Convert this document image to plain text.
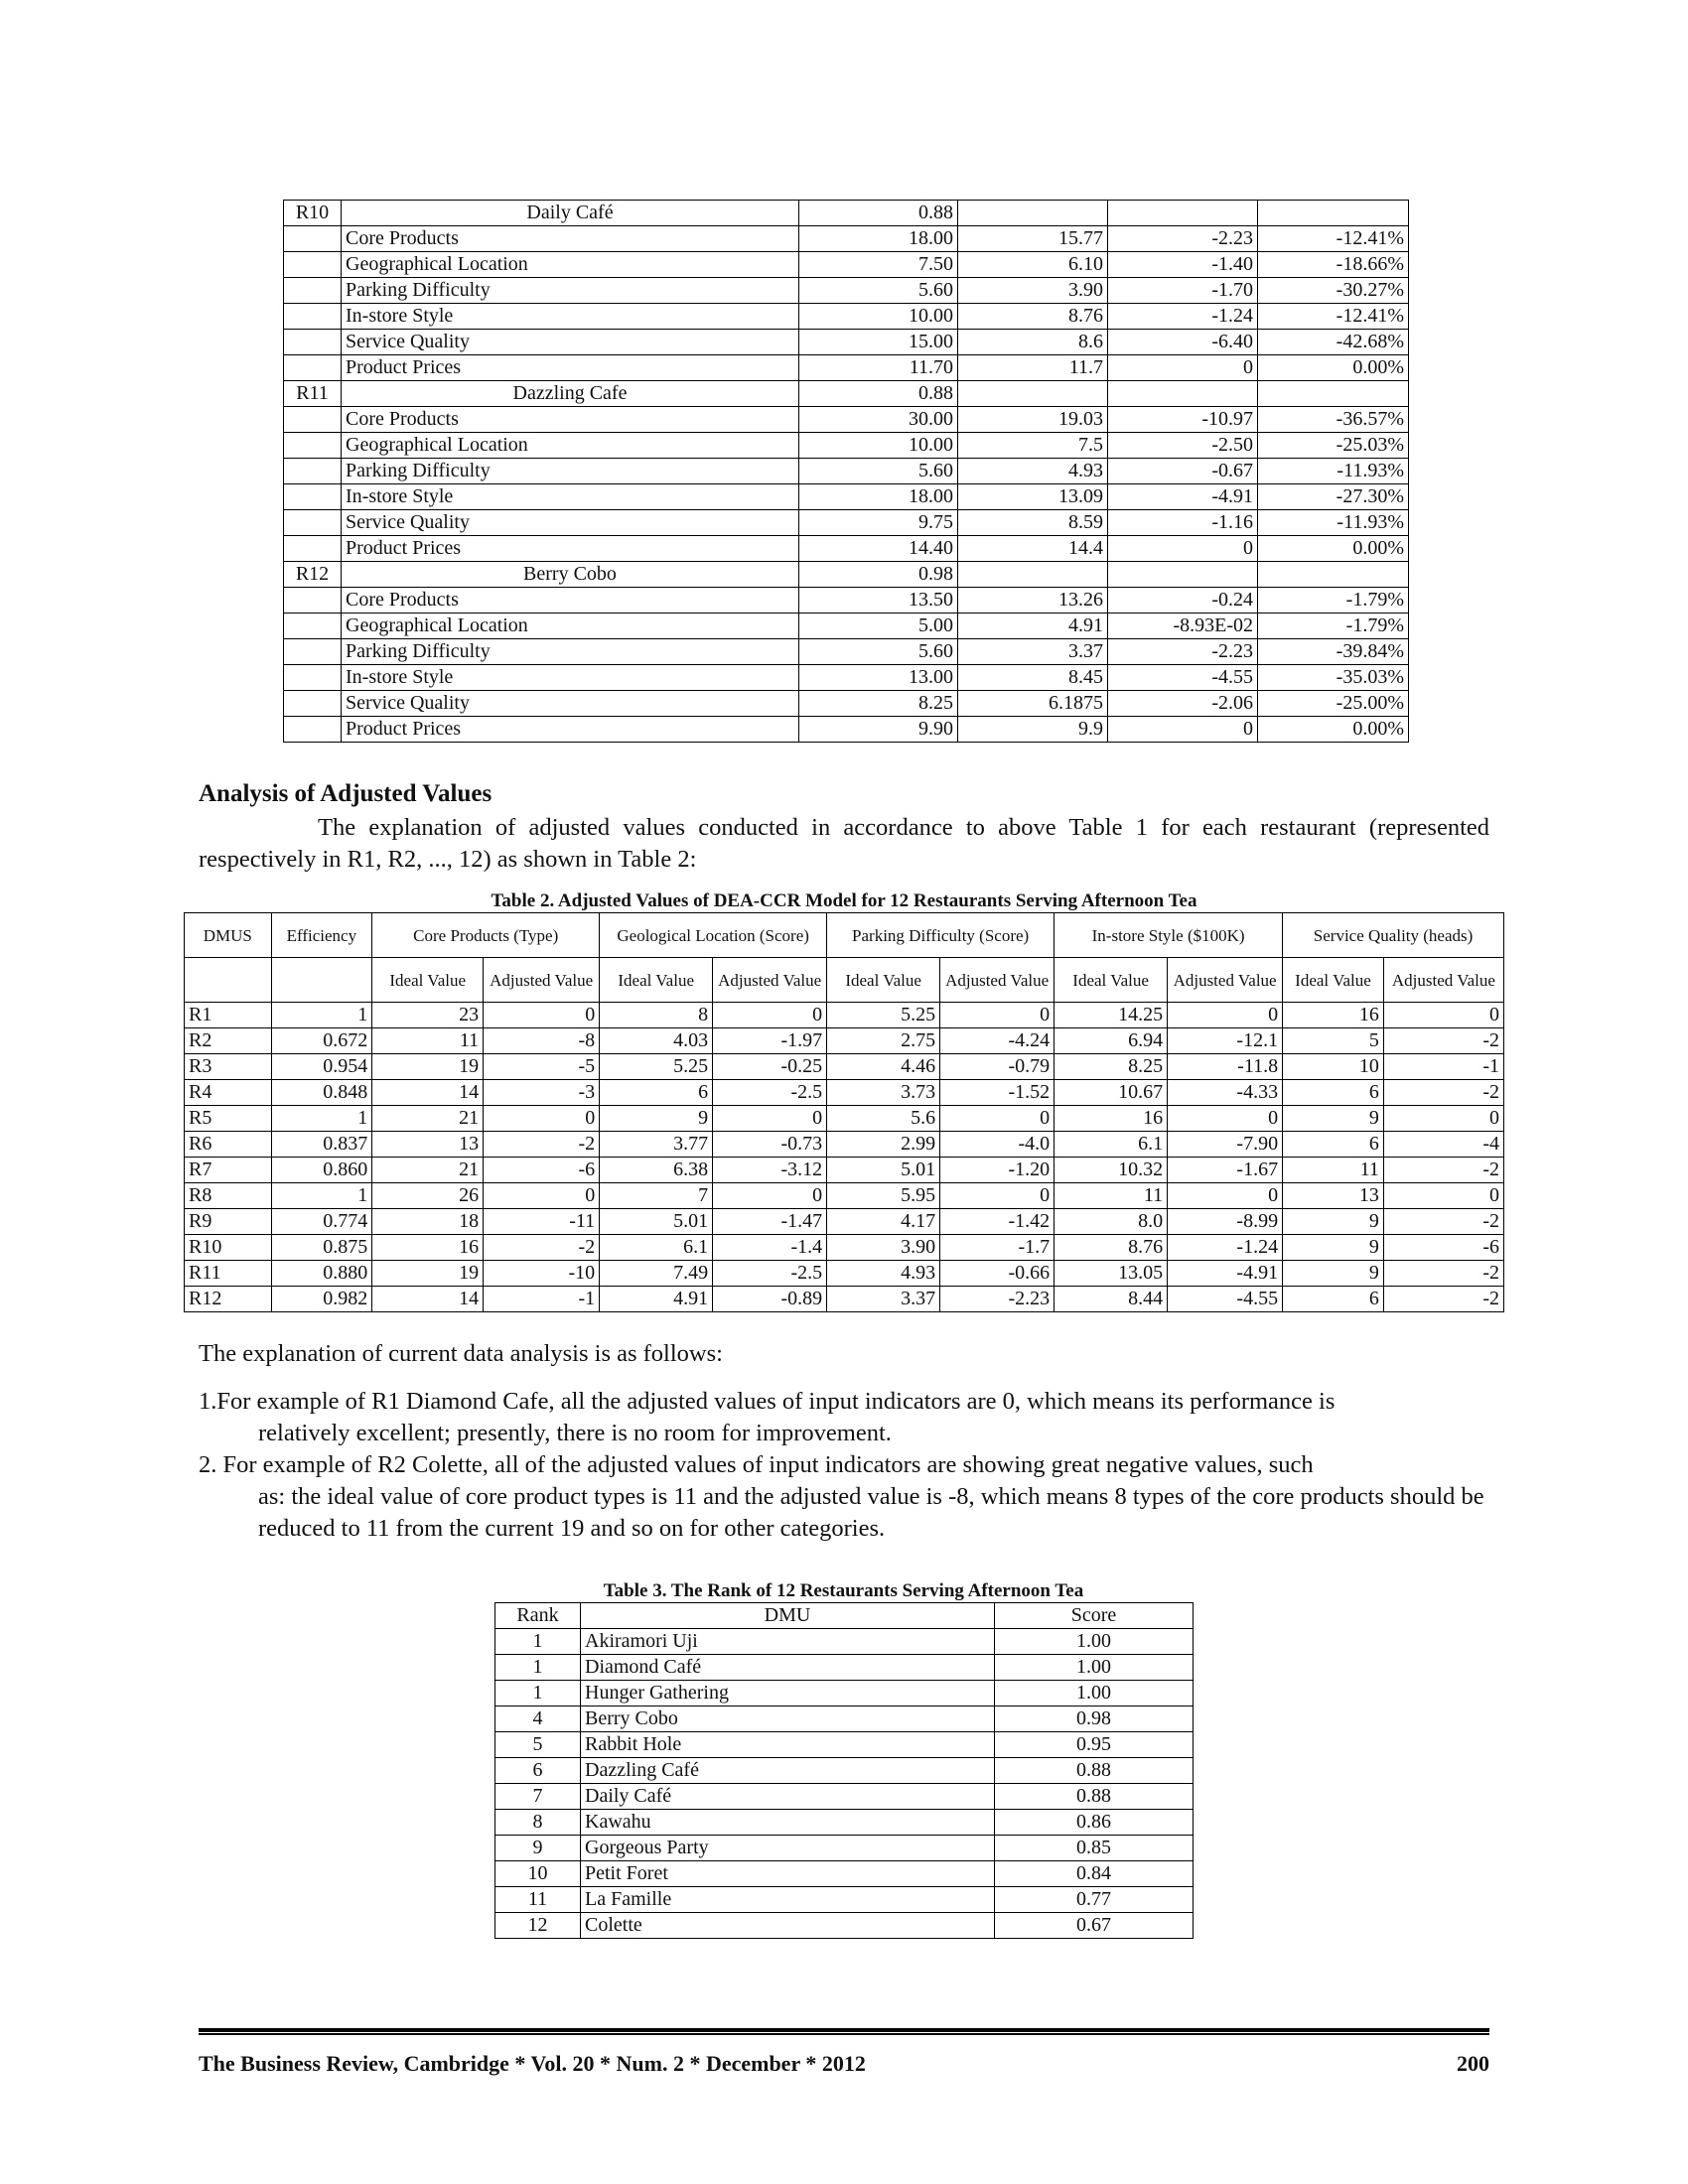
R10	Daily Café	0.88			
	Core Products	18.00	15.77	-2.23	-12.41%
	Geographical Location	7.50	6.10	-1.40	-18.66%
	Parking Difficulty	5.60	3.90	-1.70	-30.27%
	In-store Style	10.00	8.76	-1.24	-12.41%
	Service Quality	15.00	8.6	-6.40	-42.68%
	Product Prices	11.70	11.7	0	0.00%
R11	Dazzling Cafe	0.88			
	Core Products	30.00	19.03	-10.97	-36.57%
	Geographical Location	10.00	7.5	-2.50	-25.03%
	Parking Difficulty	5.60	4.93	-0.67	-11.93%
	In-store Style	18.00	13.09	-4.91	-27.30%
	Service Quality	9.75	8.59	-1.16	-11.93%
	Product Prices	14.40	14.4	0	0.00%
R12	Berry Cobo	0.98			
	Core Products	13.50	13.26	-0.24	-1.79%
	Geographical Location	5.00	4.91	-8.93E-02	-1.79%
	Parking Difficulty	5.60	3.37	-2.23	-39.84%
	In-store Style	13.00	8.45	-4.55	-35.03%
	Service Quality	8.25	6.1875	-2.06	-25.00%
	Product Prices	9.90	9.9	0	0.00%
Analysis of Adjusted Values
The explanation of adjusted values conducted in accordance to above Table 1 for each restaurant (represented respectively in R1, R2, ..., 12) as shown in Table 2:
Table 2. Adjusted Values of DEA-CCR Model for 12 Restaurants Serving Afternoon Tea
DMUS	Efficiency	Core Products (Type)		Geological Location (Score)		Parking Difficulty (Score)		In-store Style ($100K)		Service Quality (heads)	
		Ideal Value	Adjusted Value	Ideal Value	Adjusted Value	Ideal Value	Adjusted Value	Ideal Value	Adjusted Value	Ideal Value	Adjusted Value
R1	1	23	0	8	0	5.25	0	14.25	0	16	0
R2	0.672	11	-8	4.03	-1.97	2.75	-4.24	6.94	-12.1	5	-2
R3	0.954	19	-5	5.25	-0.25	4.46	-0.79	8.25	-11.8	10	-1
R4	0.848	14	-3	6	-2.5	3.73	-1.52	10.67	-4.33	6	-2
R5	1	21	0	9	0	5.6	0	16	0	9	0
R6	0.837	13	-2	3.77	-0.73	2.99	-4.0	6.1	-7.90	6	-4
R7	0.860	21	-6	6.38	-3.12	5.01	-1.20	10.32	-1.67	11	-2
R8	1	26	0	7	0	5.95	0	11	0	13	0
R9	0.774	18	-11	5.01	-1.47	4.17	-1.42	8.0	-8.99	9	-2
R10	0.875	16	-2	6.1	-1.4	3.90	-1.7	8.76	-1.24	9	-6
R11	0.880	19	-10	7.49	-2.5	4.93	-0.66	13.05	-4.91	9	-2
R12	0.982	14	-1	4.91	-0.89	3.37	-2.23	8.44	-4.55	6	-2
The explanation of current data analysis is as follows:
1.For example of R1 Diamond Cafe, all the adjusted values of input indicators are 0, which means its performance is
relatively excellent; presently, there is no room for improvement.
2. For example of R2 Colette, all of the adjusted values of input indicators are showing great negative values, such
as: the ideal value of core product types is 11 and the adjusted value is -8, which means 8 types of the core products should be reduced to 11 from the current 19 and so on for other categories.
Table 3. The Rank of 12 Restaurants Serving Afternoon Tea
Rank	DMU	Score
1	Akiramori Uji	1.00
1	Diamond Café	1.00
1	Hunger Gathering	1.00
4	Berry Cobo	0.98
5	Rabbit Hole	0.95
6	Dazzling Café	0.88
7	Daily Café	0.88
8	Kawahu	0.86
9	Gorgeous Party	0.85
10	Petit Foret	0.84
11	La Famille	0.77
12	Colette	0.67
The Business Review, Cambridge * Vol. 20 * Num. 2 * December * 2012	200
